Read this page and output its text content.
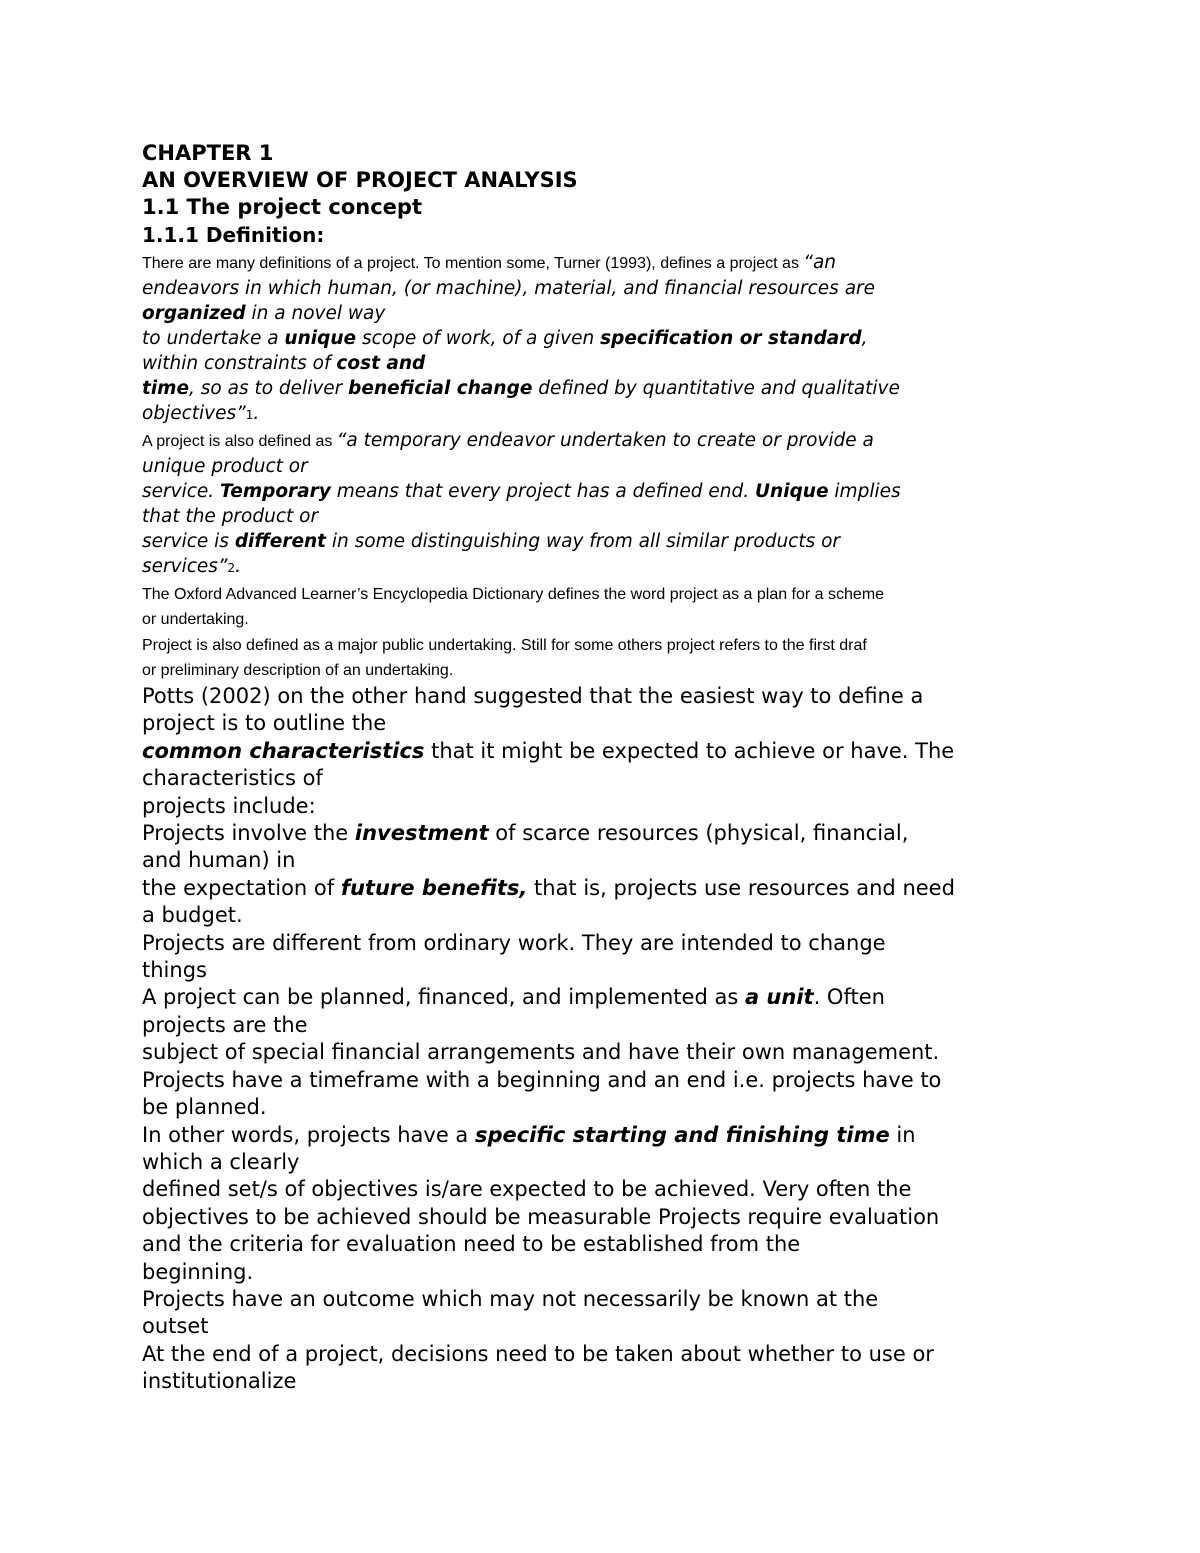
CHAPTER 1

AN OVERVIEW OF PROJECT ANALYSIS

1.1 The project concept

1.1.1 Definition:

There are many definitions of a project. To mention some, Turner (1993), defines a project as “an

endeavors in which human, (or machine), material, and financial resources are

organized in a novel way

to undertake a unique scope of work, of a given specification or standard,

within constraints of cost and

time, so as to deliver beneficial change defined by quantitative and qualitative

objectives”1.

A project is also defined as “a temporary endeavor undertaken to create or provide a

unique product or

service. Temporary means that every project has a defined end. Unique implies

that the product or

service is different in some distinguishing way from all similar products or

services”2.

The Oxford Advanced Learner’s Encyclopedia Dictionary defines the word project as a plan for a scheme

or undertaking.

Project is also defined as a major public undertaking. Still for some others project refers to the first draf

or preliminary description of an undertaking.

Potts (2002) on the other hand suggested that the easiest way to define a

project is to outline the

common characteristics that it might be expected to achieve or have. The

characteristics of

projects include:

Projects involve the investment of scarce resources (physical, financial,

and human) in

the expectation of future benefits, that is, projects use resources and need

a budget.

Projects are different from ordinary work. They are intended to change

things

A project can be planned, financed, and implemented as a unit. Often

projects are the

subject of special financial arrangements and have their own management.

Projects have a timeframe with a beginning and an end i.e. projects have to

be planned.

In other words, projects have a specific starting and finishing time in

which a clearly

defined set/s of objectives is/are expected to be achieved. Very often the

objectives to be achieved should be measurable Projects require evaluation

and the criteria for evaluation need to be established from the

beginning.

Projects have an outcome which may not necessarily be known at the

outset

At the end of a project, decisions need to be taken about whether to use or

institutionalize
